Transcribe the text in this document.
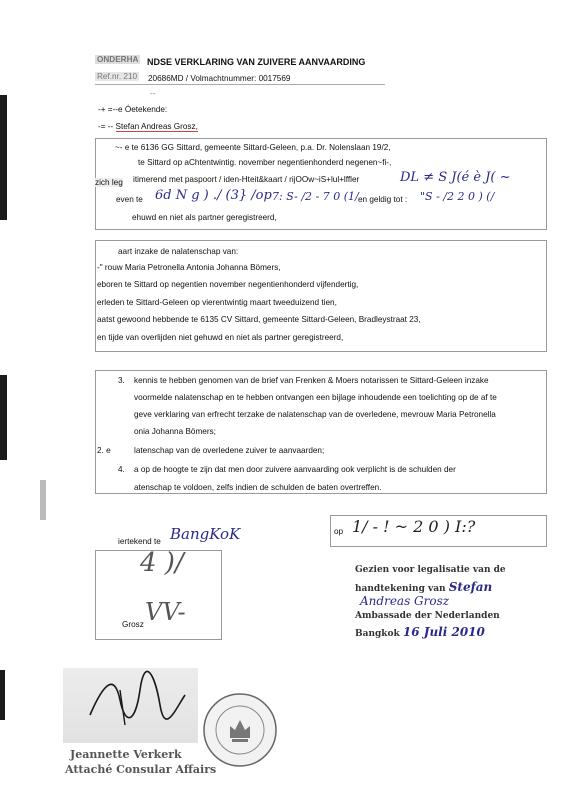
ONDERHA NDSE VERKLARING VAN ZUIVERE AANVAARDING
Ref.nr. 210 20686MD / Volmachtnummer: 0017569
--
-+ =--e Óetekende:
-= -- Stefan Andreas Grosz,
~- e te 6136 GG Sittard, gemeente Sittard-Geleen, p.a. Dr. Nolenslaan 19/2,
te Sittard op aChtentwintig. november negentienhonderd negenen~fi-,
zich leg itimerend met paspoort / iden-Hteit&kaart / rijOOw~iS+lul+lffler	DL ≠ S J(é è J( ~
even te 6d N g ) ./ (3} /op 7: S- /2 - 7 0 (1/ en geldig tot : "S - /2 2 0 ) (/
ehuwd en niet als partner geregistreerd,
aart inzake de nalatenschap van:
-" rouw Maria Petronella Antonia Johanna Bömers,
eboren te Sittard op negentien november negentienhonderd vijfendertig,
erleden te Sittard-Geleen op vierentwintig maart tweeduizend tien,
aatst gewoond hebbende te 6135 CV Sittard, gemeente Sittard-Geleen, Bradleystraat 23,
en tijde van overlijden niet gehuwd en niet als partner geregistreerd,
3. kennis te hebben genomen van de brief van Frenken & Moers notarissen te Sittard-Geleen inzake
voormelde nalatenschap en te hebben ontvangen een bijlage inhoudende een toelichting op de af te
geve verklaring van erfrecht terzake de nalatenschap van de overledene, mevrouw Maria Petronella
onia Johanna Bömers;
2. e	latenschap van de overledene zuiver te aanvaarden;
4. a op de hoogte te zijn dat men door zuivere aanvaarding ook verplicht is de schulden der
atenschap te voldoen, zelfs indien de schulden de baten overtreffen.
iertekend te BangKoK	op 1/ - ! ~ 2 0 ) I:?
4 )/
Grosz VV-
Gezien voor legalisatie van de
handtekening van Stefan
Andreas Grosz
Ambassade der Nederlanden
Bangkok 16 Juli 2010
Jeannette Verkerk
Attaché Consular Affairs
